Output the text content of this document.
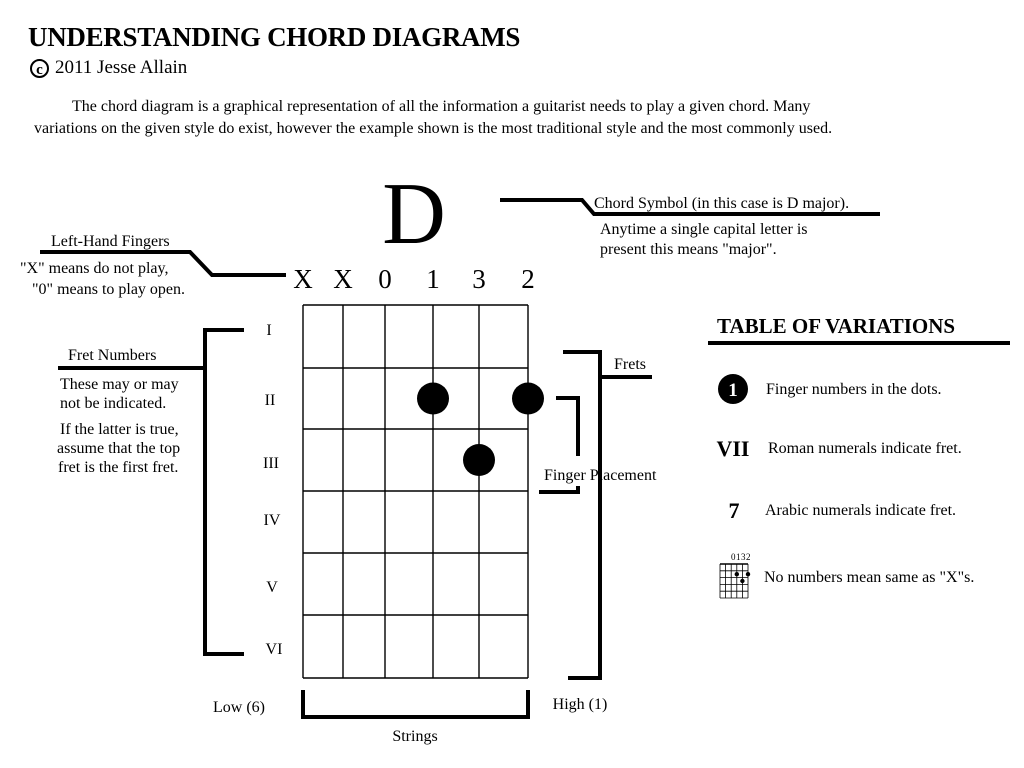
UNDERSTANDING CHORD DIAGRAMS
c 2011 Jesse Allain
The chord diagram is a graphical representation of all the information a guitarist needs to play a given chord. Many variations on the given style do exist, however the example shown is the most traditional style and the most commonly used.
D	Chord Symbol (in this case is D major).
Anytime a single capital letter is
present this means "major".
Left-Hand Fingers
"X" means do not play,
"0" means to play open.	X X 0 1 3 2
I
II
III
IV
V
VI
Fret Numbers
These may or may
not be indicated.
If the latter is true,
assume that the top
fret is the first fret.
Frets
Finger Placement
Strings
Low (6)	High (1)
TABLE OF VARIATIONS
1 Finger numbers in the dots.
VII Roman numerals indicate fret.
7 Arabic numerals indicate fret.
0132
No numbers mean same as "X"s.
